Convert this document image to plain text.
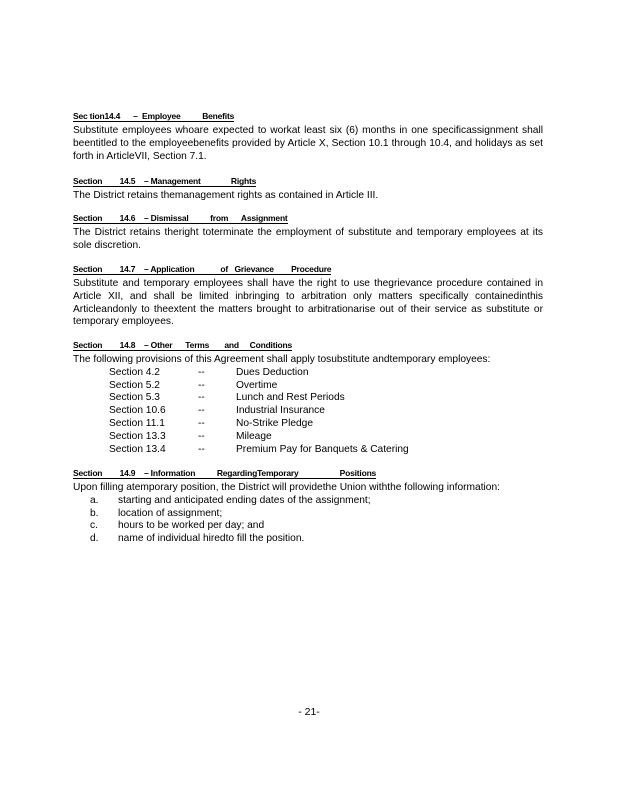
Sec tion14.4      –  Employee          Benefits
Substitute employees whoare expected to workat least six (6) months in one specificassignment shall beentitled to the employeebenefits provided by Article X, Section 10.1 through 10.4, and holidays as set forth in ArticleVII, Section 7.1.
Section        14.5    – Management              Rights
The District retains themanagement rights as contained in Article III.
Section        14.6    – Dismissal          from      Assignment
The District retains theright toterminate the employment of substitute and temporary employees at its sole discretion.
Section        14.7    – Application            of   Grievance        Procedure
Substitute and temporary employees shall have the right to use thegrievance procedure contained in Article XII, and shall be limited inbringing to arbitration only matters specifically containedinthis Articleandonly to theextent the matters brought to arbitrationarise out of their service as substitute or temporary employees.
Section        14.8    – Other      Terms       and     Conditions
The following provisions of this Agreement shall apply tosubstitute andtemporary employees:
Section 4.2	--	Dues Deduction
Section 5.2	--	Overtime
Section 5.3	--	Lunch and Rest Periods
Section 10.6	--	Industrial Insurance
Section 11.1	--	No-Strike Pledge
Section 13.3	--	Mileage
Section 13.4	--	Premium Pay for Banquets & Catering
Section        14.9    – Information          RegardingTemporary                   Positions
Upon filling atemporary position, the District will providethe Union withthe following information:
a. starting and anticipated ending dates of the assignment;
b. location of assignment;
c. hours to be worked per day; and
d. name of individual hiredto fill the position.
- 21-
